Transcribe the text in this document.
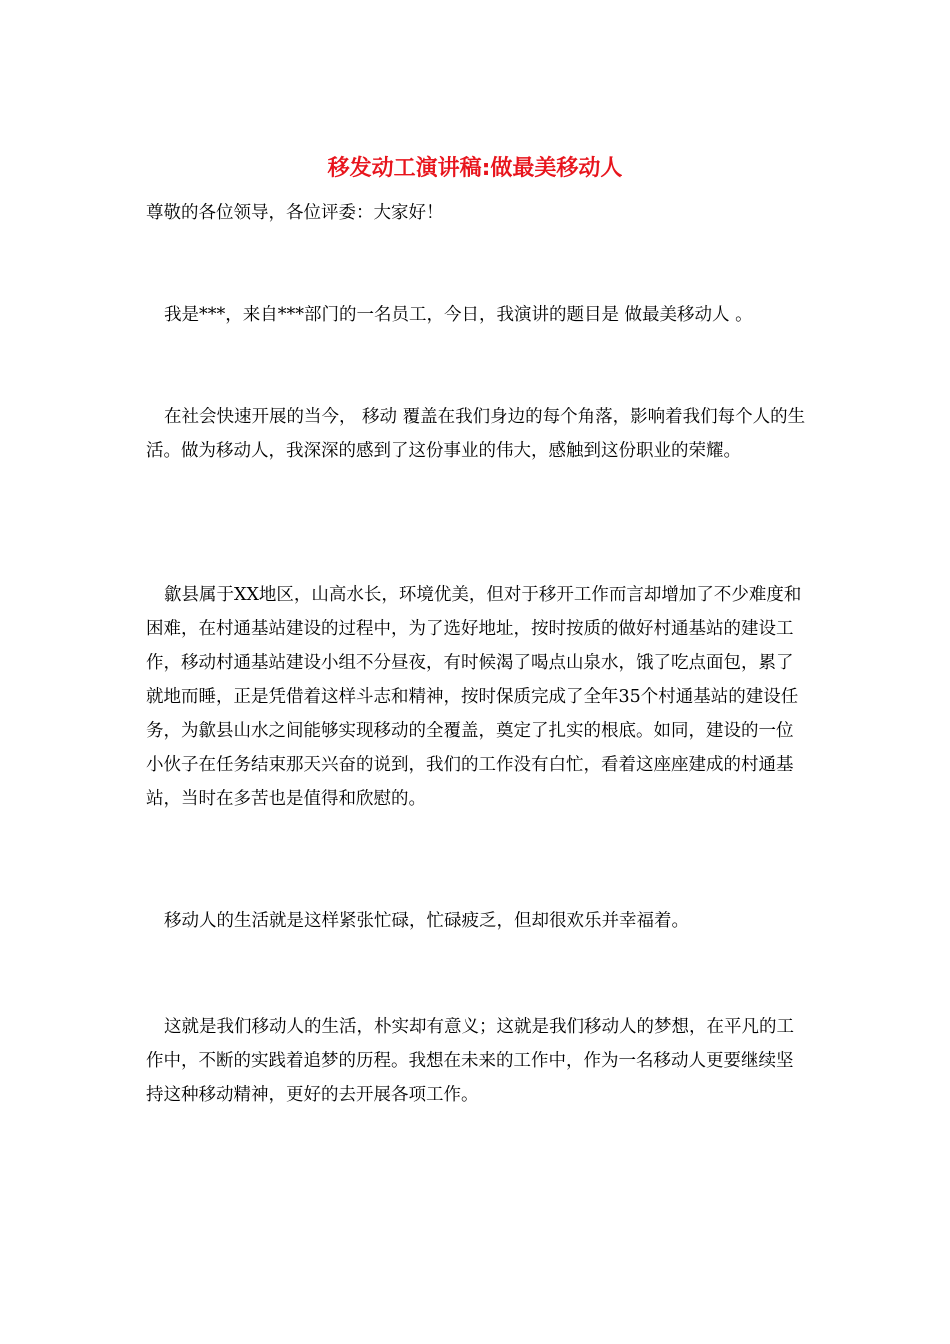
移发动工演讲稿:做最美移动人

尊敬的各位领导，各位评委：大家好！

我是***，来自***部门的一名员工，今日，我演讲的题目是 做最美移动人 。

在社会快速开展的当今， 移动 覆盖在我们身边的每个角落，影响着我们每个人的生活。做为移动人，我深深的感到了这份事业的伟大，感触到这份职业的荣耀。

歙县属于XX地区，山高水长，环境优美，但对于移开工作而言却增加了不少难度和困难，在村通基站建设的过程中，为了选好地址，按时按质的做好村通基站的建设工作，移动村通基站建设小组不分昼夜，有时候渴了喝点山泉水，饿了吃点面包，累了就地而睡，正是凭借着这样斗志和精神，按时保质完成了全年35个村通基站的建设任务，为歙县山水之间能够实现移动的全覆盖，奠定了扎实的根底。如同，建设的一位小伙子在任务结束那天兴奋的说到，我们的工作没有白忙，看着这座座建成的村通基站，当时在多苦也是值得和欣慰的。

移动人的生活就是这样紧张忙碌，忙碌疲乏，但却很欢乐并幸福着。

这就是我们移动人的生活，朴实却有意义；这就是我们移动人的梦想，在平凡的工作中，不断的实践着追梦的历程。我想在未来的工作中，作为一名移动人更要继续坚持这种移动精神，更好的去开展各项工作。
